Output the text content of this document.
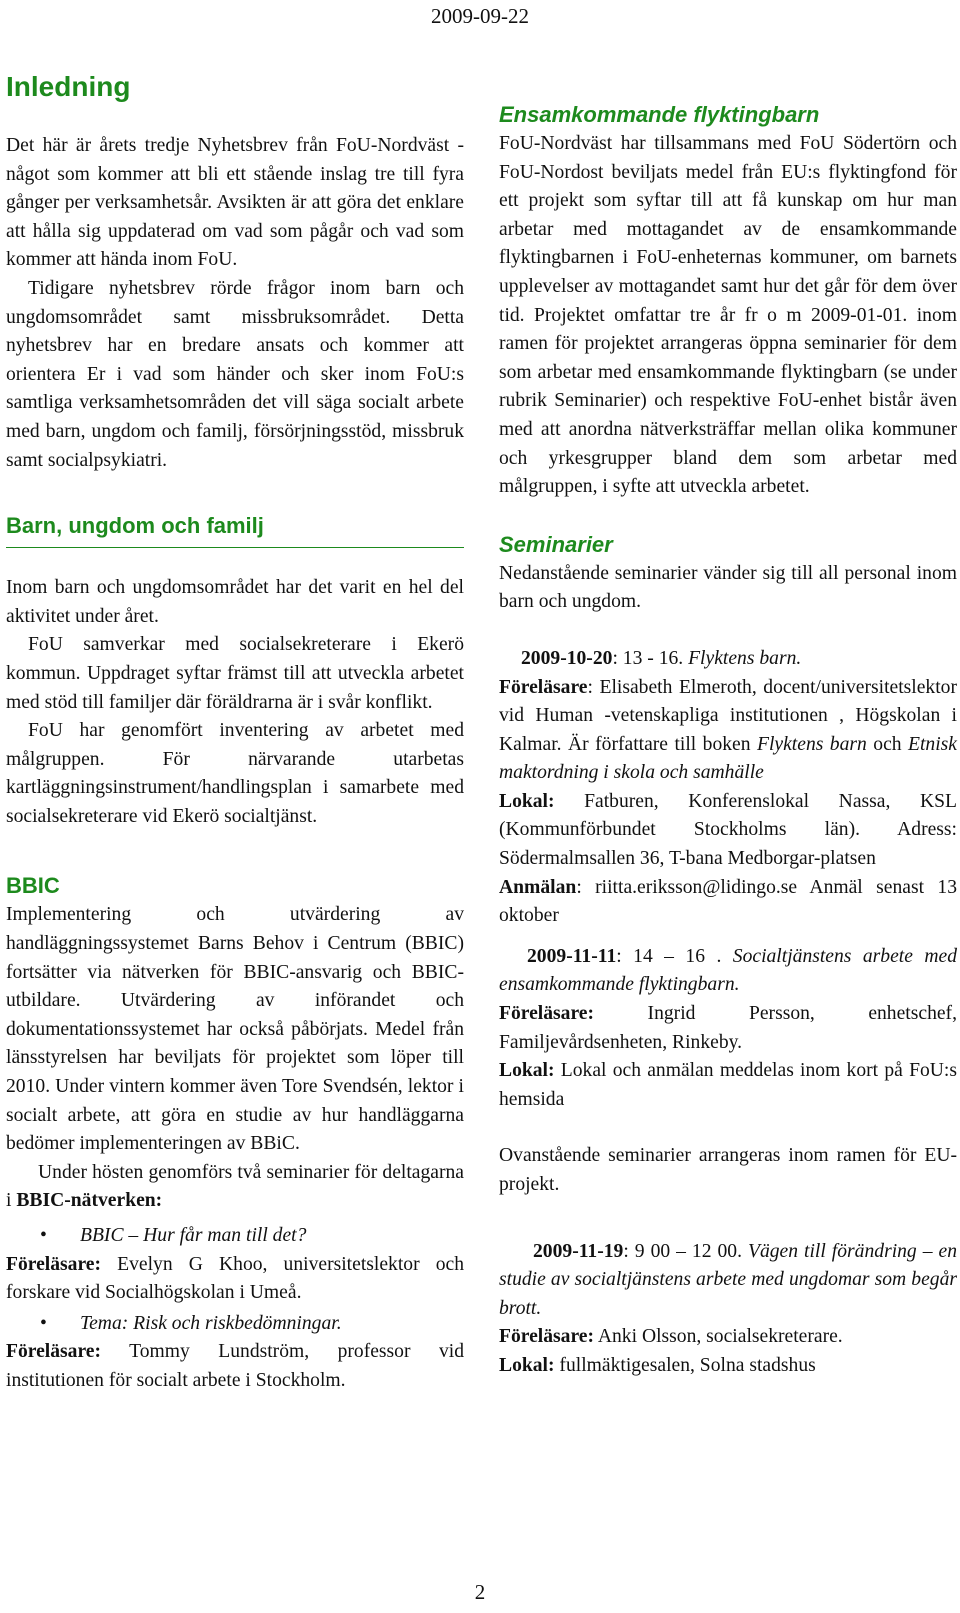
2009-09-22
Inledning

Det här är årets tredje Nyhetsbrev från FoU-Nordväst - något som kommer att bli ett stående inslag tre till fyra gånger per verksamhetsår. Avsikten är att göra det enklare att hålla sig uppdaterad om vad som pågår och vad som kommer att hända inom FoU.

Tidigare nyhetsbrev rörde frågor inom barn och ungdomsområdet samt missbruksområdet. Detta nyhetsbrev har en bredare ansats och kommer att orientera Er i vad som händer och sker inom FoU:s samtliga verksamhetsområden det vill säga socialt arbete med barn, ungdom och familj, försörjningsstöd, missbruk samt socialpsykiatri.

Barn, ungdom och familj

Inom barn och ungdomsområdet har det varit en hel del aktivitet under året.

FoU samverkar med socialsekreterare i Ekerö kommun. Uppdraget syftar främst till att utveckla arbetet med stöd till familjer där föräldrarna är i svår konflikt.

FoU har genomfört inventering av arbetet med målgruppen. För närvarande utarbetas kartläggningsinstrument/handlingsplan i samarbete med socialsekreterare vid Ekerö socialtjänst.

BBIC

Implementering och utvärdering av handläggningssystemet Barns Behov i Centrum (BBIC) fortsätter via nätverken för BBIC-ansvarig och BBIC-utbildare. Utvärdering av införandet och dokumentationssystemet har också påbörjats. Medel från länsstyrelsen har beviljats för projektet som löper till 2010. Under vintern kommer även Tore Svendsén, lektor i socialt arbete, att göra en studie av hur handläggarna bedömer implementeringen av BBiC.

Under hösten genomförs två seminarier för deltagarna i BBIC-nätverken:

• BBIC – Hur får man till det?

Föreläsare: Evelyn G Khoo, universitetslektor och forskare vid Socialhögskolan i Umeå.

• Tema: Risk och riskbedömningar.

Föreläsare: Tommy Lundström, professor vid institutionen för socialt arbete i Stockholm.

Ensamkommande flyktingbarn

FoU-Nordväst har tillsammans med FoU Södertörn och FoU-Nordost beviljats medel från EU:s flyktingfond för ett projekt som syftar till att få kunskap om hur man arbetar med mottagandet av de ensamkommande flyktingbarnen i FoU-enheternas kommuner, om barnets upplevelser av mottagandet samt hur det går för dem över tid. Projektet omfattar tre år fr o m 2009-01-01. inom ramen för projektet arrangeras öppna seminarier för dem som arbetar med ensamkommande flyktingbarn (se under rubrik Seminarier) och respektive FoU-enhet bistår även med att anordna nätverksträffar mellan olika kommuner och yrkesgrupper bland dem som arbetar med målgruppen, i syfte att utveckla arbetet.

Seminarier

Nedanstående seminarier vänder sig till all personal inom barn och ungdom.

2009-10-20: 13 - 16. Flyktens barn.

Föreläsare: Elisabeth Elmeroth, docent/universitetslektor vid Human -vetenskapliga institutionen , Högskolan i Kalmar. Är författare till boken Flyktens barn och Etnisk maktordning i skola och samhälle

Lokal: Fatburen, Konferenslokal Nassa, KSL (Kommunförbundet Stockholms län). Adress: Södermalmsallen 36, T-bana Medborgar-platsen

Anmälan: riitta.eriksson@lidingo.se Anmäl senast 13 oktober

2009-11-11: 14 – 16 . Socialtjänstens arbete med ensamkommande flyktingbarn.

Föreläsare: Ingrid Persson, enhetschef, Familjevårdsenheten, Rinkeby.

Lokal: Lokal och anmälan meddelas inom kort på FoU:s hemsida

Ovanstående seminarier arrangeras inom ramen för EU-projekt.

2009-11-19: 9 00 – 12 00. Vägen till förändring – en studie av socialtjänstens arbete med ungdomar som begår brott.

Föreläsare: Anki Olsson, socialsekreterare.

Lokal: fullmäktigesalen, Solna stadshus

2
